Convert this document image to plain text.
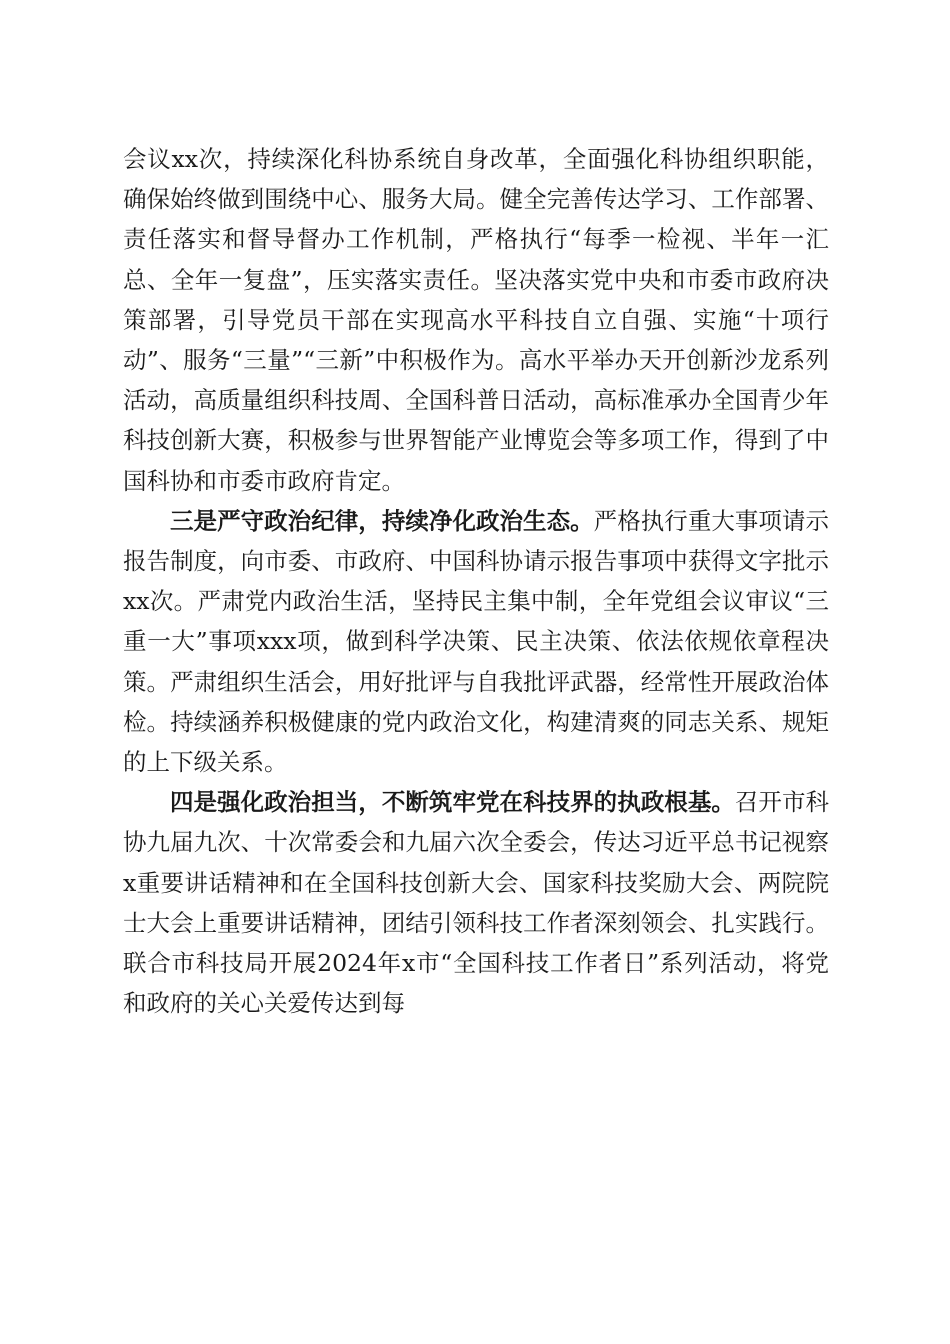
会议xx次，持续深化科协系统自身改革，全面强化科协组织职能，确保始终做到围绕中心、服务大局。健全完善传达学习、工作部署、责任落实和督导督办工作机制，严格执行“每季一检视、半年一汇总、全年一复盘”，压实落实责任。坚决落实党中央和市委市政府决策部署，引导党员干部在实现高水平科技自立自强、实施“十项行动”、服务“三量”“三新”中积极作为。高水平举办天开创新沙龙系列活动，高质量组织科技周、全国科普日活动，高标准承办全国青少年科技创新大赛，积极参与世界智能产业博览会等多项工作，得到了中国科协和市委市政府肯定。

三是严守政治纪律，持续净化政治生态。严格执行重大事项请示报告制度，向市委、市政府、中国科协请示报告事项中获得文字批示xx次。严肃党内政治生活，坚持民主集中制，全年党组会议审议“三重一大”事项xxx项，做到科学决策、民主决策、依法依规依章程决策。严肃组织生活会，用好批评与自我批评武器，经常性开展政治体检。持续涵养积极健康的党内政治文化，构建清爽的同志关系、规矩的上下级关系。

四是强化政治担当，不断筑牢党在科技界的执政根基。召开市科协九届九次、十次常委会和九届六次全委会，传达习近平总书记视察x重要讲话精神和在全国科技创新大会、国家科技奖励大会、两院院士大会上重要讲话精神，团结引领科技工作者深刻领会、扎实践行。联合市科技局开展2024年x市“全国科技工作者日”系列活动，将党和政府的关心关爱传达到每
